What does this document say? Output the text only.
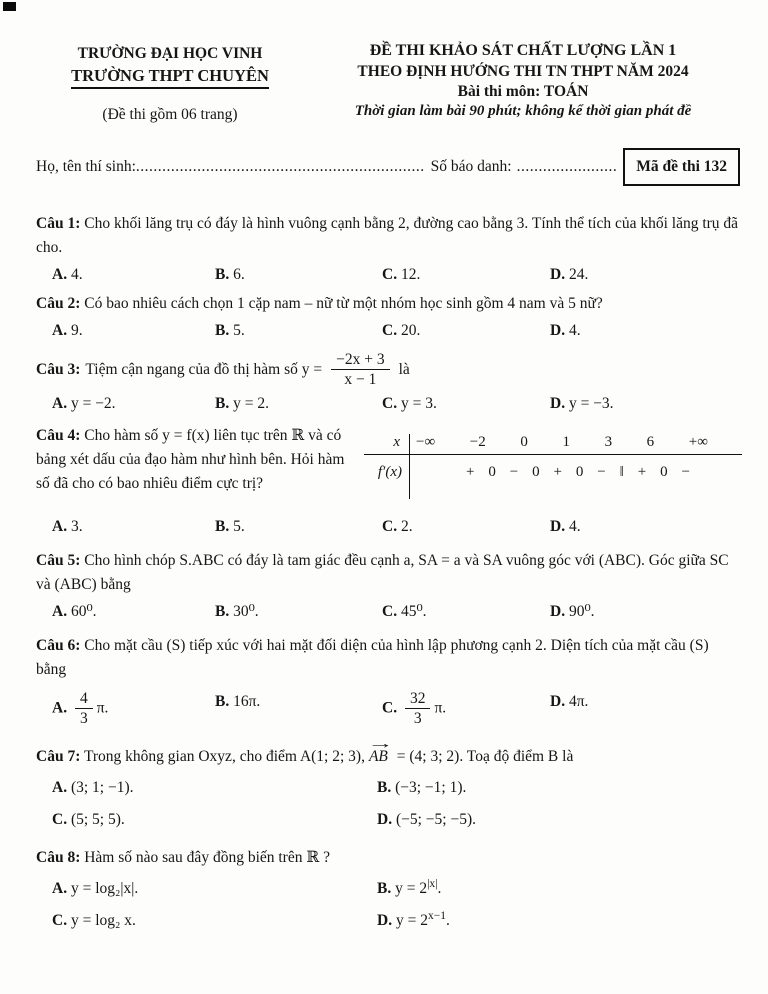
TRƯỜNG ĐẠI HỌC VINH
TRƯỜNG THPT CHUYÊN
(Đề thi gồm 06 trang)
ĐỀ THI KHẢO SÁT CHẤT LƯỢNG LẦN 1
THEO ĐỊNH HƯỚNG THI TN THPT NĂM 2024
Bài thi môn: TOÁN
Thời gian làm bài 90 phút; không kể thời gian phát đề
Họ, tên thí sinh: .................................................................. Số báo danh: .......................	Mã đề thi 132
Câu 1: Cho khối lăng trụ có đáy là hình vuông cạnh bằng 2, đường cao bằng 3. Tính thể tích của khối lăng trụ đã cho.
A. 4.	B. 6.	C. 12.	D. 24.
Câu 2: Có bao nhiêu cách chọn 1 cặp nam – nữ từ một nhóm học sinh gồm 4 nam và 5 nữ?
A. 9.	B. 5.	C. 20.	D. 4.
Câu 3: Tiệm cận ngang của đồ thị hàm số $y = \frac{-2x + 3}{x - 1}$ là
A. y = −2.	B. y = 2.	C. y = 3.	D. y = −3.
Câu 4: Cho hàm số y = f(x) liên tục trên ℝ và có bảng xét dấu của đạo hàm như hình bên. Hỏi hàm số đã cho có bao nhiêu điểm cực trị?
x	−∞ −2 0 1 3 6 +∞
f′(x)	+ 0 − 0 + 0 − ‖ + 0 −
A. 3.	B. 5.	C. 2.	D. 4.
Câu 5: Cho hình chóp S.ABC có đáy là tam giác đều cạnh a, SA = a và SA vuông góc với (ABC). Góc giữa SC và (ABC) bằng
A. 60⁰.	B. 30⁰.	C. 45⁰.	D. 90⁰.
Câu 6: Cho mặt cầu (S) tiếp xúc với hai mặt đối diện của hình lập phương cạnh 2. Diện tích của mặt cầu (S) bằng
A. $\frac{4}{3} \pi$.	B. 16π.	C. $\frac{32}{3} \pi$.	D. 4π.
Câu 7: Trong không gian Oxyz, cho điểm A(1; 2; 3),
→
AB = (4; 3; 2). Toạ độ điểm B là
A. (3; 1; −1).	B. (−3; −1; 1).
C. (5; 5; 5).	D. (−5; −5; −5).
Câu 8: Hàm số nào sau đây đồng biến trên ℝ ?
A. y = log₂|x|.	B. $y = 2^{|x|}$.
C. y = log₂ x.	D. $y = 2^{x-1}$.
